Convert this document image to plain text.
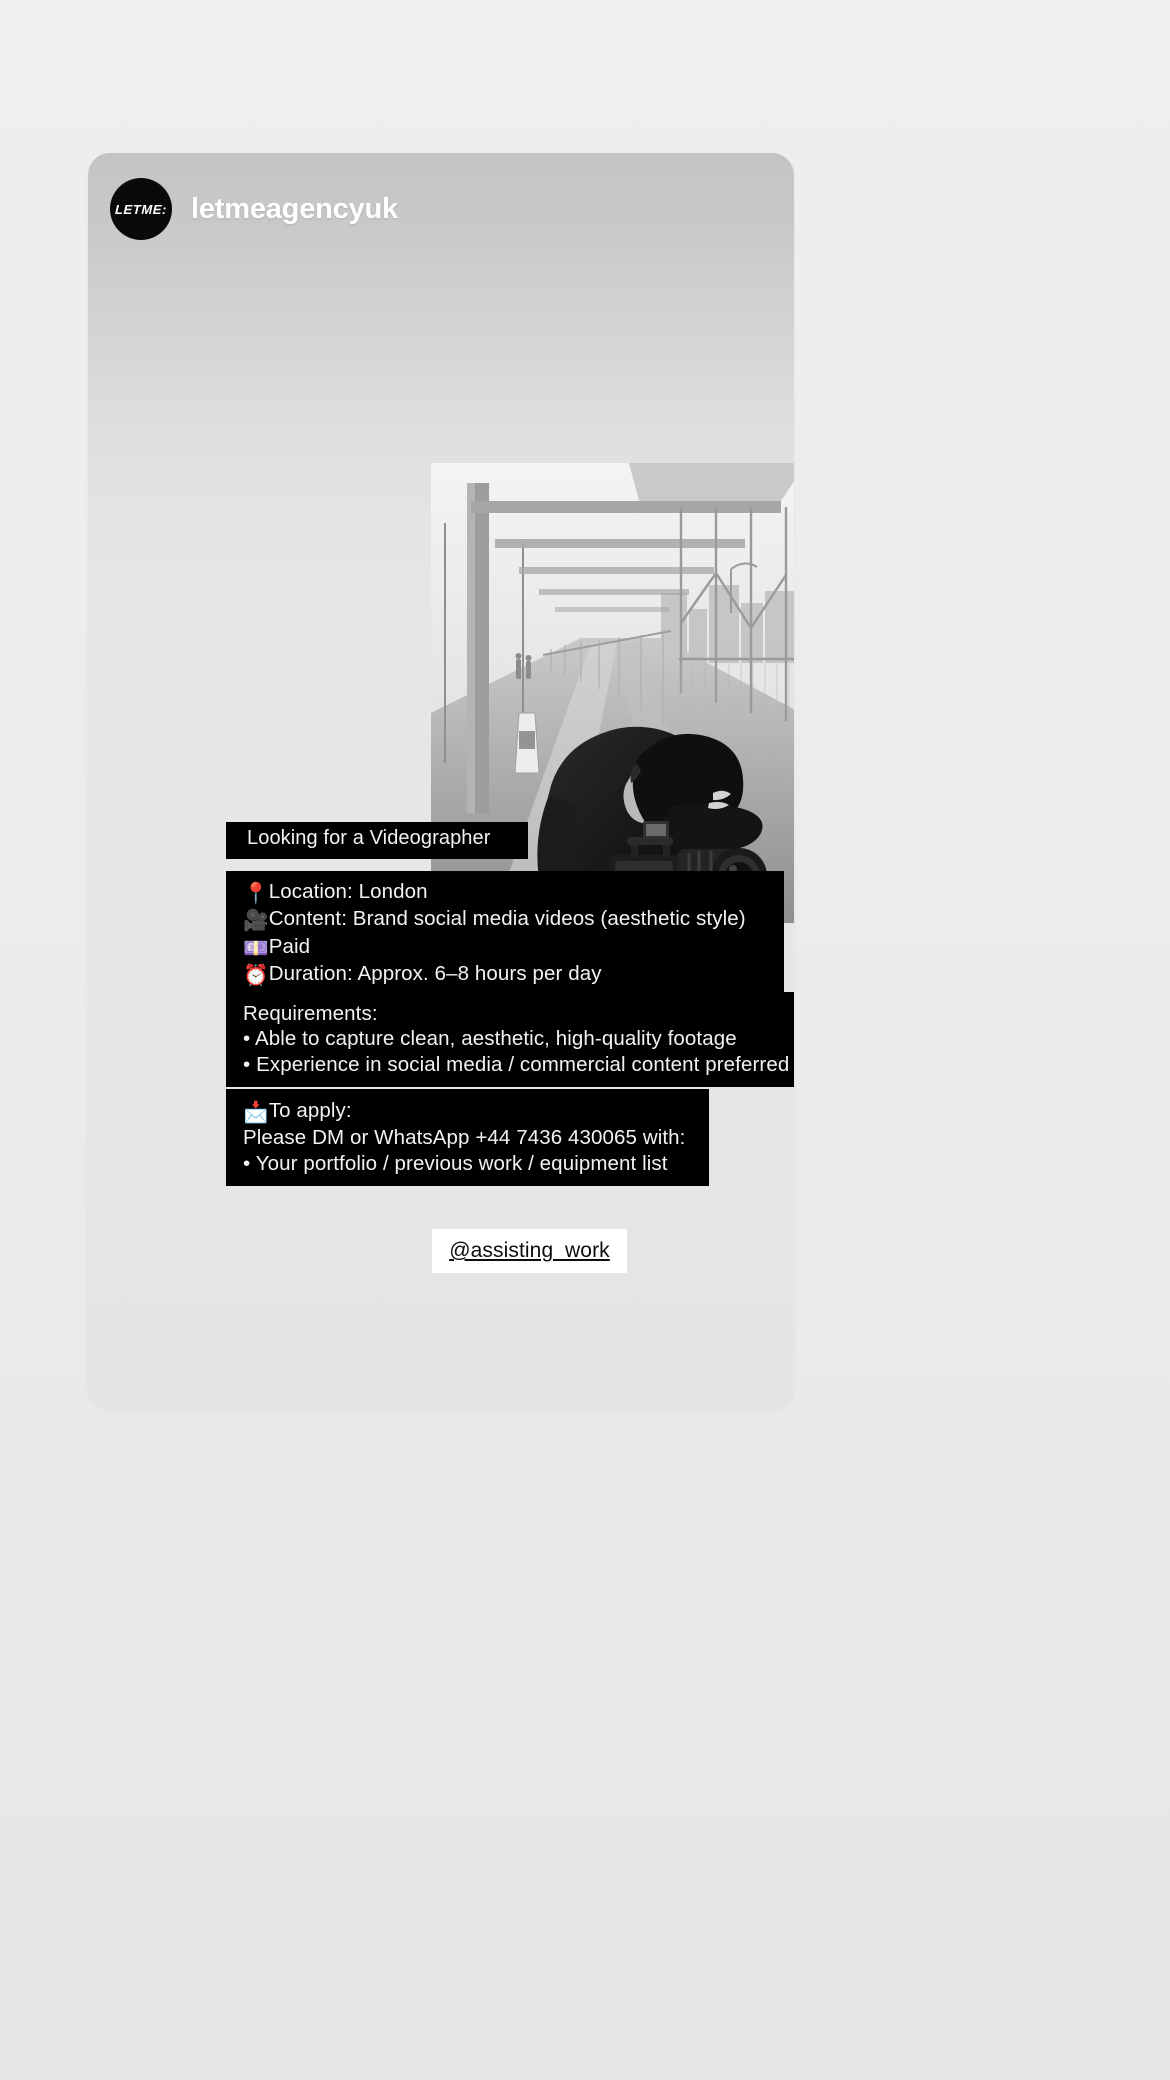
LETME: letmeagencyuk
Looking for a Videographer
📍Location: London
🎥Content: Brand social media videos (aesthetic style)
💷Paid
⏰Duration: Approx. 6–8 hours per day
Requirements:
• Able to capture clean, aesthetic, high-quality footage
• Experience in social media / commercial content preferred
📩To apply:
Please DM or WhatsApp +44 7436 430065 with:
• Your portfolio / previous work / equipment list
@assisting_work
